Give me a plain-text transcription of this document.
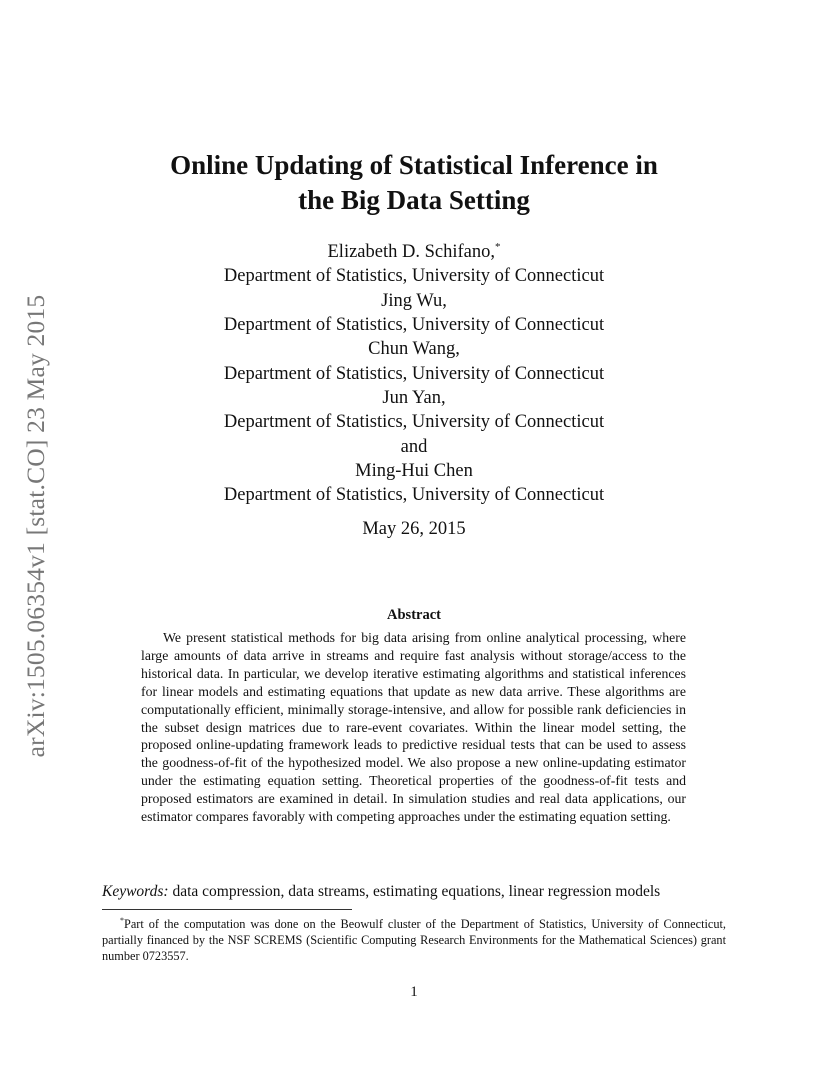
arXiv:1505.06354v1 [stat.CO] 23 May 2015
Online Updating of Statistical Inference in
the Big Data Setting
Elizabeth D. Schifano,*
Department of Statistics, University of Connecticut
Jing Wu,
Department of Statistics, University of Connecticut
Chun Wang,
Department of Statistics, University of Connecticut
Jun Yan,
Department of Statistics, University of Connecticut
and
Ming-Hui Chen
Department of Statistics, University of Connecticut
May 26, 2015
Abstract

We present statistical methods for big data arising from online analytical processing, where large amounts of data arrive in streams and require fast analysis without storage/access to the historical data. In particular, we develop iterative estimating algorithms and statistical inferences for linear models and estimating equations that update as new data arrive. These algorithms are computationally efficient, minimally storage-intensive, and allow for possible rank deficiencies in the subset design matrices due to rare-event covariates. Within the linear model setting, the proposed online-updating framework leads to predictive residual tests that can be used to assess the goodness-of-fit of the hypothesized model. We also propose a new online-updating estimator under the estimating equation setting. Theoretical properties of the goodness-of-fit tests and proposed estimators are examined in detail. In simulation studies and real data applications, our estimator compares favorably with competing approaches under the estimating equation setting.

Keywords: data compression, data streams, estimating equations, linear regression models

*Part of the computation was done on the Beowulf cluster of the Department of Statistics, University of Connecticut, partially financed by the NSF SCREMS (Scientific Computing Research Environments for the Mathematical Sciences) grant number 0723557.

1
